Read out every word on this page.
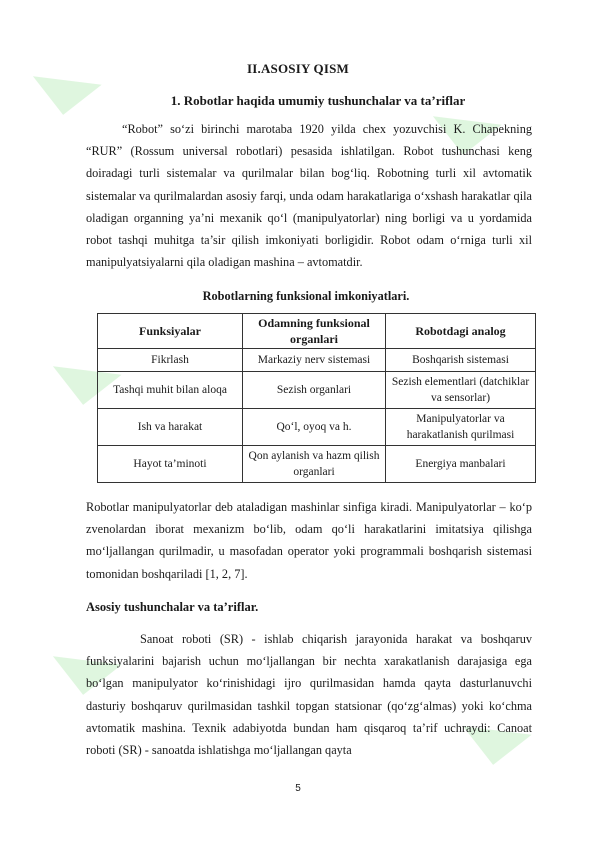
◣	◣
◣
◣
◣
II.ASOSIY QISM
1. Robotlar haqida umumiy tushunchalar va ta’riflar
“Robot” so‘zi birinchi marotaba 1920 yilda chex yozuvchisi K. Chapekning “RUR” (Rossum universal robotlari) pesasida ishlatilgan. Robot tushunchasi keng doiradagi turli sistemalar va qurilmalar bilan bog‘liq. Robotning turli xil avtomatik sistemalar va qurilmalardan asosiy farqi, unda odam harakatlariga o‘xshash harakatlar qila oladigan organning ya’ni mexanik qo‘l (manipulyatorlar) ning borligi va u yordamida robot tashqi muhitga ta’sir qilish imkoniyati borligidir. Robot odam o‘rniga turli xil manipulyatsiyalarni qila oladigan mashina – avtomatdir.
Robotlarning funksional imkoniyatlari.
Funksiyalar	Odamning funksional organlari	Robotdagi analog
Fikrlash	Markaziy nerv sistemasi	Boshqarish sistemasi
Tashqi muhit bilan aloqa	Sezish organlari	Sezish elementlari (datchiklar va sensorlar)
Ish va harakat	Qo‘l, oyoq va h.	Manipulyatorlar va harakatlanish qurilmasi
Hayot ta’minoti	Qon aylanish va hazm qilish organlari	Energiya manbalari
Robotlar manipulyatorlar deb ataladigan mashinlar sinfiga kiradi. Manipulyatorlar – ko‘p zvenolardan iborat mexanizm bo‘lib, odam qo‘li harakatlarini imitatsiya qilishga mo‘ljallangan qurilmadir, u masofadan operator yoki programmali boshqarish sistemasi tomonidan boshqariladi [1, 2, 7].
Asosiy tushunchalar va ta’riflar.
Sanoat roboti (SR) - ishlab chiqarish jarayonida harakat va boshqaruv funksiyalarini bajarish uchun mo‘ljallangan bir nechta xarakatlanish darajasiga ega bo‘lgan manipulyator ko‘rinishidagi ijro qurilmasidan hamda qayta dasturlanuvchi dasturiy boshqaruv qurilmasidan tashkil topgan statsionar (qo‘zg‘almas) yoki ko‘chma avtomatik mashina. Texnik adabiyotda bundan ham qisqaroq ta’rif uchraydi: Canoat roboti (SR) - sanoatda ishlatishga mo‘ljallangan qayta
5
